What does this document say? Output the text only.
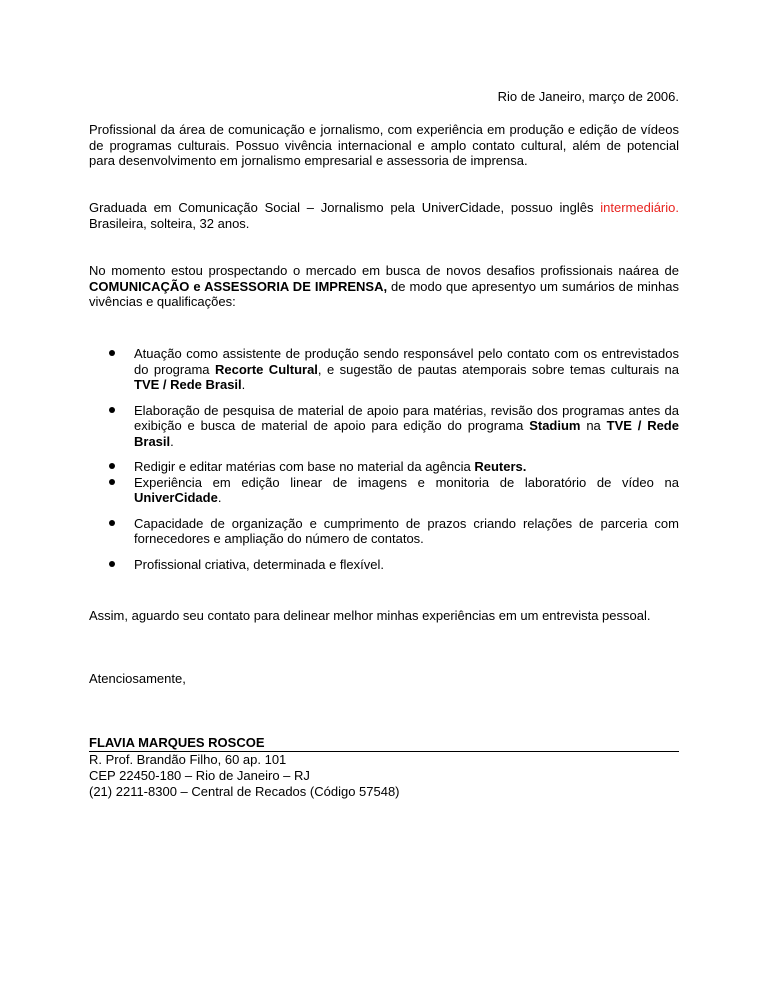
Rio de Janeiro, março de 2006.
Profissional da área de comunicação e jornalismo, com experiência em produção e edição de vídeos de programas culturais. Possuo vivência internacional e amplo contato cultural, além de potencial para desenvolvimento em jornalismo empresarial e assessoria de imprensa.
Graduada em Comunicação Social – Jornalismo pela UniverCidade, possuo inglês intermediário. Brasileira, solteira, 32 anos.
No momento estou prospectando o mercado em busca de novos desafios profissionais naárea de COMUNICAÇÃO e ASSESSORIA DE IMPRENSA, de modo que apresentyo um sumários de minhas vivências e qualificações:
Atuação como assistente de produção sendo responsável pelo contato com os entrevistados do programa Recorte Cultural, e sugestão de pautas atemporais sobre temas culturais na TVE / Rede Brasil.
Elaboração de pesquisa de material de apoio para matérias, revisão dos programas antes da exibição e busca de material de apoio para edição do programa Stadium na TVE / Rede Brasil.
Redigir e editar matérias com base no material da agência Reuters.
Experiência em edição linear de imagens e monitoria de laboratório de vídeo na UniverCidade.
Capacidade de organização e cumprimento de prazos criando relações de parceria com fornecedores e ampliação do número de contatos.
Profissional criativa, determinada e flexível.
Assim, aguardo seu contato para delinear melhor minhas experiências em um entrevista pessoal.
Atenciosamente,
FLAVIA MARQUES ROSCOE
R. Prof. Brandão Filho, 60 ap. 101
CEP 22450-180 – Rio de Janeiro – RJ
(21) 2211-8300 – Central de Recados (Código 57548)
